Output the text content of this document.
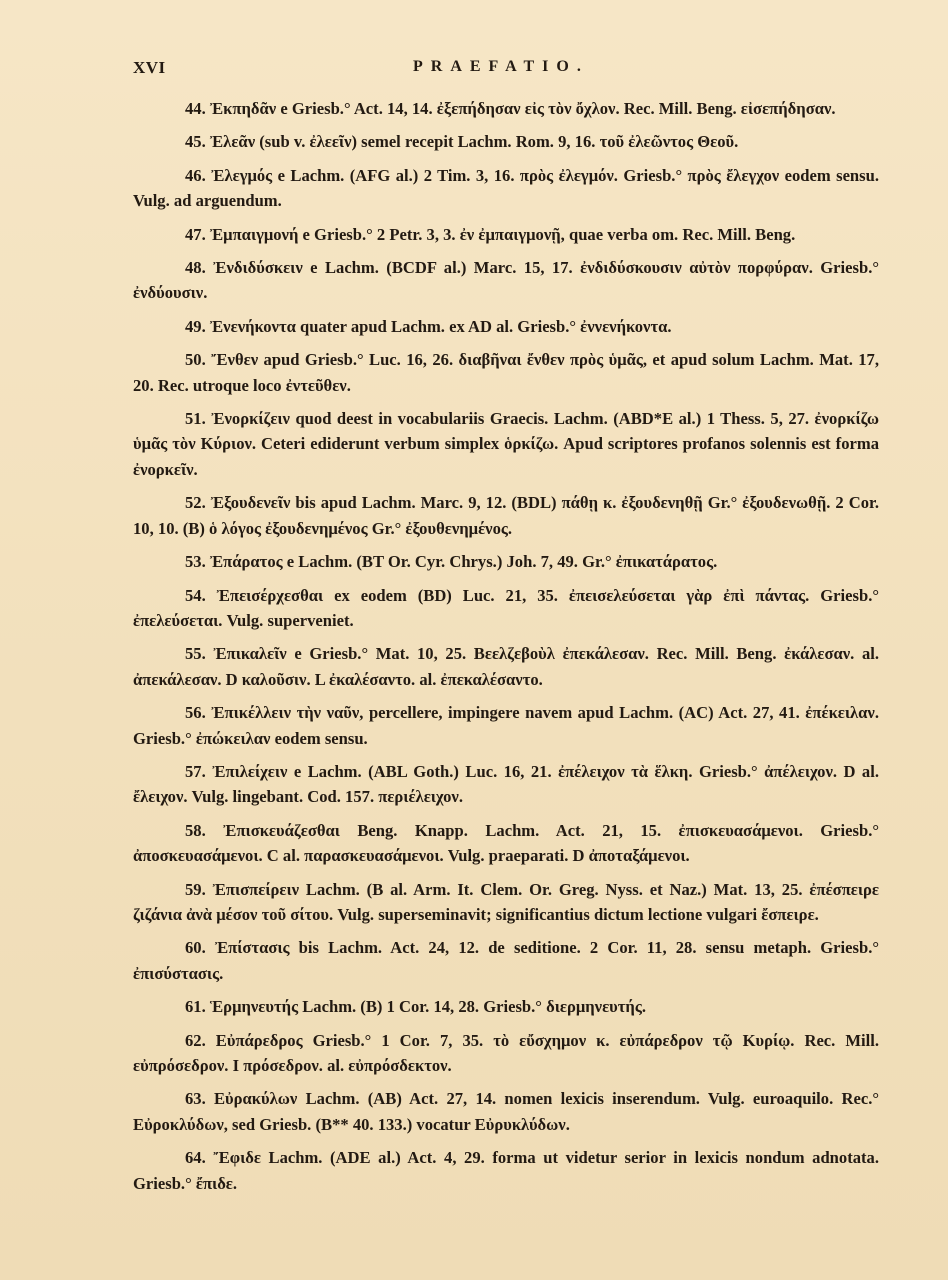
XVI	PRAEFATIO.

44. Ἐκπηδᾶν e Griesb.° Act. 14, 14. ἐξεπήδησαν εἰς τὸν ὄχλον. Rec. Mill. Beng. εἰσεπήδησαν.

45. Ἐλεᾶν (sub v. ἐλεεῖν) semel recepit Lachm. Rom. 9, 16. τοῦ ἐλεῶντος Θεοῦ.

46. Ἐλεγμός e Lachm. (AFG al.) 2 Tim. 3, 16. πρὸς ἐλεγμόν. Griesb.° πρὸς ἔλεγχον eodem sensu. Vulg. ad arguendum.

47. Ἐμπαιγμονή e Griesb.° 2 Petr. 3, 3. ἐν ἐμπαιγμονῇ, quae verba om. Rec. Mill. Beng.

48. Ἐνδιδύσκειν e Lachm. (BCDF al.) Marc. 15, 17. ἐνδιδύσκουσιν αὐτὸν πορφύραν. Griesb.° ἐνδύουσιν.

49. Ἐνενήκοντα quater apud Lachm. ex AD al. Griesb.° ἐννενήκοντα.

50. Ἔνθεν apud Griesb.° Luc. 16, 26. διαβῆναι ἔνθεν πρὸς ὑμᾶς, et apud solum Lachm. Mat. 17, 20. Rec. utroque loco ἐντεῦθεν.

51. Ἐνορκίζειν quod deest in vocabulariis Graecis. Lachm. (ABD*E al.) 1 Thess. 5, 27. ἐνορκίζω ὑμᾶς τὸν Κύριον. Ceteri ediderunt verbum simplex ὁρκίζω. Apud scriptores profanos solennis est forma ἐνορκεῖν.

52. Ἐξουδενεῖν bis apud Lachm. Marc. 9, 12. (BDL) πάθῃ κ. ἐξουδενηθῇ Gr.° ἐξουδενωθῇ. 2 Cor. 10, 10. (B) ὁ λόγος ἐξουδενημένος Gr.° ἐξουθενημένος.

53. Ἐπάρατος e Lachm. (BT Or. Cyr. Chrys.) Joh. 7, 49. Gr.° ἐπικατάρατος.

54. Ἐπεισέρχεσθαι ex eodem (BD) Luc. 21, 35. ἐπεισελεύσεται γὰρ ἐπὶ πάντας. Griesb.° ἐπελεύσεται. Vulg. superveniet.

55. Ἐπικαλεῖν e Griesb.° Mat. 10, 25. Βεελζεβοὺλ ἐπεκάλεσαν. Rec. Mill. Beng. ἐκάλεσαν. al. ἀπεκάλεσαν. D καλοῦσιν. L ἐκαλέσαντο. al. ἐπεκαλέσαντο.

56. Ἐπικέλλειν τὴν ναῦν, percellere, impingere navem apud Lachm. (AC) Act. 27, 41. ἐπέκειλαν. Griesb.° ἐπώκειλαν eodem sensu.

57. Ἐπιλείχειν e Lachm. (ABL Goth.) Luc. 16, 21. ἐπέλειχον τὰ ἕλκη. Griesb.° ἀπέλειχον. D al. ἔλειχον. Vulg. lingebant. Cod. 157. περιέλειχον.

58. Ἐπισκευάζεσθαι Beng. Knapp. Lachm. Act. 21, 15. ἐπισκευασάμενοι. Griesb.° ἀποσκευασάμενοι. C al. παρασκευασάμενοι. Vulg. praeparati. D ἀποταξάμενοι.

59. Ἐπισπείρειν Lachm. (B al. Arm. It. Clem. Or. Greg. Nyss. et Naz.) Mat. 13, 25. ἐπέσπειρε ζιζάνια ἀνὰ μέσον τοῦ σίτου. Vulg. superseminavit; significantius dictum lectione vulgari ἔσπειρε.

60. Ἐπίστασις bis Lachm. Act. 24, 12. de seditione. 2 Cor. 11, 28. sensu metaph. Griesb.° ἐπισύστασις.

61. Ἑρμηνευτής Lachm. (B) 1 Cor. 14, 28. Griesb.° διερμηνευτής.

62. Εὐπάρεδρος Griesb.° 1 Cor. 7, 35. τὸ εὔσχημον κ. εὐπάρεδρον τῷ Κυρίῳ. Rec. Mill. εὐπρόσεδρον. I πρόσεδρον. al. εὐπρόσδεκτον.

63. Εὐρακύλων Lachm. (AB) Act. 27, 14. nomen lexicis inserendum. Vulg. euroaquilo. Rec.° Εὐροκλύδων, sed Griesb. (B** 40. 133.) vocatur Εὐρυκλύδων.

64. Ἔφιδε Lachm. (ADE al.) Act. 4, 29. forma ut videtur serior in lexicis nondum adnotata. Griesb.° ἔπιδε.
